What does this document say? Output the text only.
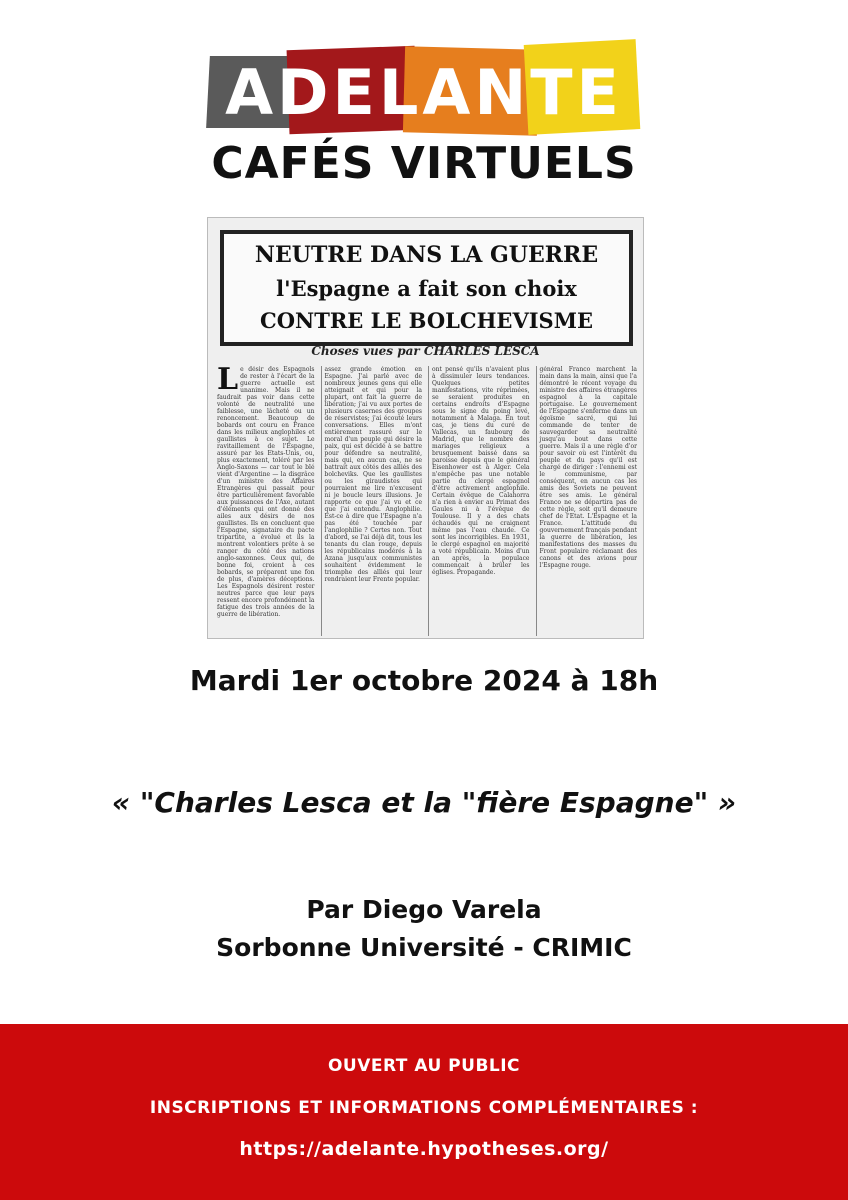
ADELANTE
CAFÉS VIRTUELS
NEUTRE DANS LA GUERRE
l'Espagne a fait son choix
CONTRE LE BOLCHEVISME
Choses vues par CHARLES LESCA
Le désir des Espagnols de rester à l'écart de la guerre actuelle est unanime. Mais il ne faudrait pas voir dans cette volonté de neutralité une faiblesse, une lâcheté ou un renoncement. Beaucoup de bobards ont couru en France dans les milieux anglophiles et gaullistes à ce sujet. Le ravitaillement de l'Espagne, assuré par les Etats-Unis, ou, plus exactement, toléré par les Anglo-Saxons — car tout le blé vient d'Argentine — la disgrâce d'un ministre des Affaires Etrangères qui passait pour être particulièrement favorable aux puissances de l'Axe, autant d'éléments qui ont donné des ailes aux désirs de nos gaullistes. Ils en concluent que l'Espagne, signataire du pacte tripartite, a évolué et ils la montrent volontiers prête à se ranger du côté des nations anglo-saxonnes. Ceux qui, de bonne foi, croient à ces bobards, se préparent une fon de plus, d'amères déceptions. Les Espagnols désirent rester neutres parce que leur pays ressent encore profondément la fatigue des trois années de la guerre de libération.
assez grande émotion en Espagne. J'ai parlé avec de nombreux jeunes gens qui elle atteignait et qui pour la plupart, ont fait la guerre de libération; j'ai vu aux portes de plusieurs casernes des groupes de réservistes; j'ai écouté leurs conversations. Elles m'ont entièrement rassuré sur le moral d'un peuple qui désire la paix, qui est décidé à se battre pour défendre sa neutralité, mais qui, en aucun cas, ne se battrait aux côtés des alliés des bolcheviks. Que les gaullistes ou les giraudistes qui pourraient me lire n'excusent ni je boucle leurs illusions. Je rapporte ce que j'ai vu et ce que j'ai entendu. Anglophilie. Est-ce à dire que l'Espagne n'a pas été touchée par l'anglophilie ? Certes non. Tout d'abord, se l'ai déjà dit, tous les tenants du clan rouge, depuis les républicains modérés à la Azana jusqu'aux communistes souhaitent évidemment le triomphe des alliés qui leur rendraient leur Frente popular.
ont pensé qu'ils n'avaient plus à dissimuler leurs tendances. Quelques petites manifestations, vite réprimées, se seraient produites en certains endroits d'Espagne sous le signe du poing levé, notamment à Malaga. En tout cas, je tiens du curé de Vallecas, un faubourg de Madrid, que le nombre des mariages religieux a brusquement baissé dans sa paroisse depuis que le général Eisenhower est à Alger. Cela n'empêche pas une notable partie du clergé espagnol d'être activement anglophile. Certain évêque de Calahorra n'a rien à envier au Primat des Gaules ni à l'évêque de Toulouse. Il y a des chats échaudés qui ne craignent même pas l'eau chaude. Ce sont les incorrigibles. En 1931, le clergé espagnol en majorité a voté républicain. Moins d'un an après, la populace commençait à brûler les églises. Propagande.
général Franco marchent la main dans la main, ainsi que l'a démontré le récent voyage du ministre des affaires étrangères espagnol à la capitale portugaise. Le gouvernement de l'Espagne s'enferme dans un égoïsme sacré, qui lui commande de tenter de sauvegarder sa neutralité jusqu'au bout dans cette guerre. Mais il a une règle d'or pour savoir où est l'intérêt du peuple et du pays qu'il est chargé de diriger : l'ennemi est le communisme, par conséquent, en aucun cas les amis des Soviets ne peuvent être ses amis. Le général Franco ne se départira pas de cette règle, soit qu'il demeure chef de l'Etat. L'Espagne et la France. L'attitude du gouvernement français pendant la guerre de libération, les manifestations des masses du Front populaire réclamant des canons et des avions pour l'Espagne rouge.
Mardi 1er octobre 2024 à 18h
« "Charles Lesca et la "fière Espagne" »
Par Diego Varela
Sorbonne Université - CRIMIC
OUVERT AU PUBLIC
INSCRIPTIONS ET INFORMATIONS COMPLÉMENTAIRES :
https://adelante.hypotheses.org/
